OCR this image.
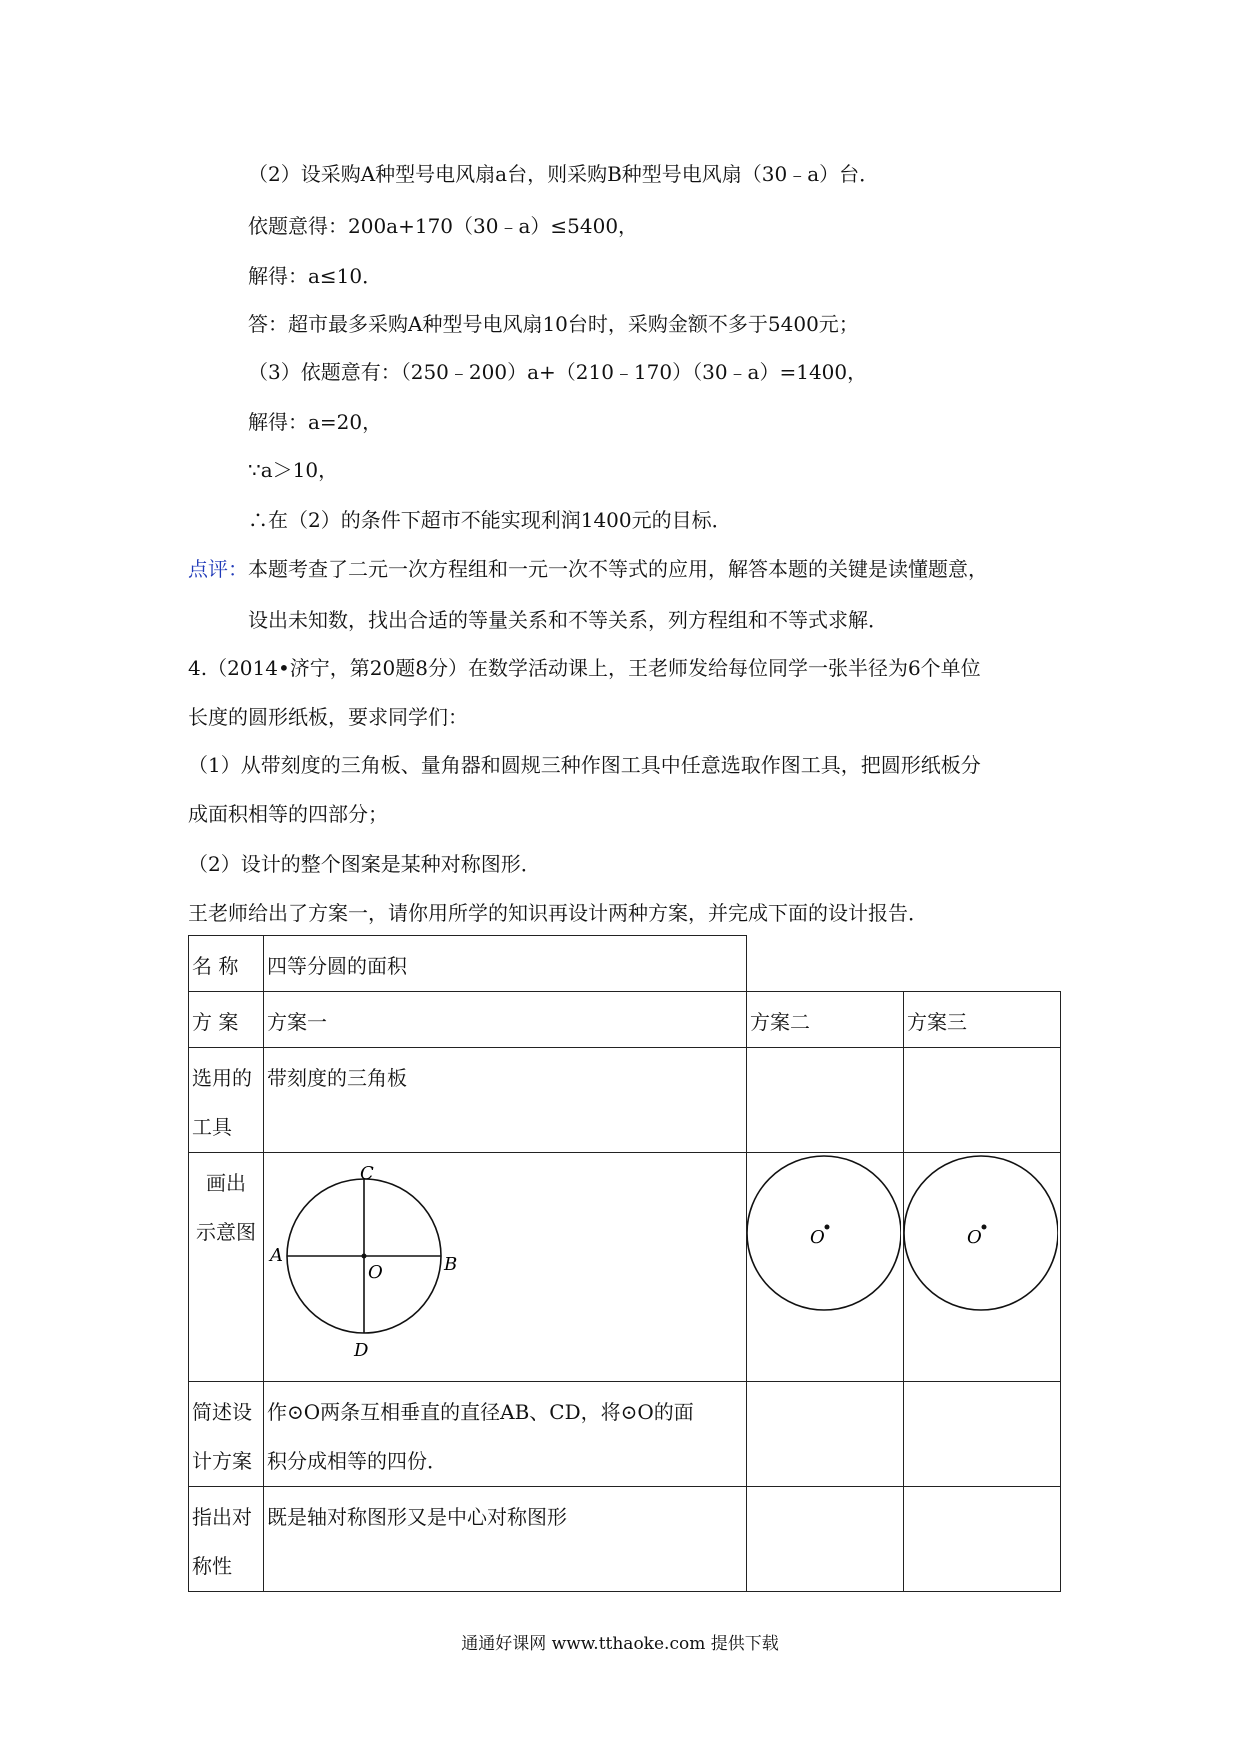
（2）设采购A种型号电风扇a台，则采购B种型号电风扇（30﹣a）台．
依题意得：200a+170（30﹣a）≤5400，
解得：a≤10．
答：超市最多采购A种型号电风扇10台时，采购金额不多于5400元；
（3）依题意有：（250﹣200）a+（210﹣170）（30﹣a）=1400，
解得：a=20，
∵a＞10，
∴在（2）的条件下超市不能实现利润1400元的目标．
点评：本题考查了二元一次方程组和一元一次不等式的应用，解答本题的关键是读懂题意，
设出未知数，找出合适的等量关系和不等关系，列方程组和不等式求解．
4.（2014•济宁，第20题8分）在数学活动课上，王老师发给每位同学一张半径为6个单位
长度的圆形纸板，要求同学们：
（1）从带刻度的三角板、量角器和圆规三种作图工具中任意选取作图工具，把圆形纸板分
成面积相等的四部分；
（2）设计的整个图案是某种对称图形．
王老师给出了方案一，请你用所学的知识再设计两种方案，并完成下面的设计报告．
名 称	四等分圆的面积		
方 案	方案一	方案二	方案三
选用的
工具	带刻度的三角板		
画出
示意图	C
A
O B
D	O	O

简述设
计方案	作⊙O两条互相垂直的直径AB、CD，将⊙O的面
积分成相等的四份．		
指出对
称性	既是轴对称图形又是中心对称图形		
通通好课网 www.tthaoke.com 提供下载
